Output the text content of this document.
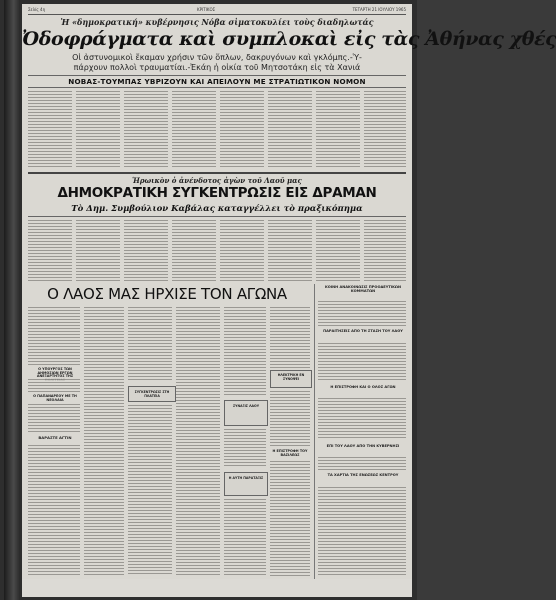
Σελίς 4η	ΚΡΙΤΙΚΟΣ	ΤΕΤΑΡΤΗ 21 ΙΟΥΛΙΟΥ 1965
Ἡ «δημοκρατική» κυβέρνησις Νόβα σἱματοκυλίει τοὺς διαδηλωτάς
Ὀδοφράγματα καὶ συμπλοκαὶ εἰς τὰς Ἀθήνας χθές
Οἱ ἀστυνομικοὶ ἔκαμαν χρήσιν τῶν ὅπλων, δακρυγόνων καὶ γκλόμπς.-Ὑ-
πάρχουν πολλοὶ τραυματίαι.-Ἐκάη ἡ οἰκία τοῦ Μητσοτάκη εἰς τὰ Χανιά
ΝΟΒΑΣ-ΤΟΥΜΠΑΣ ΥΒΡΙΖΟΥΝ ΚΑΙ ΑΠΕΙΛΟΥΝ ΜΕ ΣΤΡΑΤΙΩΤΙΚΟΝ ΝΟΜΟΝ
Ἡρωικὸν ὁ ἀνένδοτος ἀγὼν τοῦ Λαοῦ μας
ΔΗΜΟΚΡΑΤΙΚΗ ΣΥΓΚΕΝΤΡΩΣΙΣ ΕΙΣ ΔΡΑΜΑΝ
Τὸ Δημ. Συμβούλιον Καβάλας καταγγέλλει τὸ πραξικόπημα
Ο ΛΑΟΣ ΜΑΣ ΗΡΧΙΣΕ ΤΟΝ ΑΓΩΝΑ	ΚΟΙΝΗ ΑΝΑΚΟΙΝΩΣΙΣ ΠΡΟΟΔΕΥΤΙΚΩΝ ΚΟΜΜΑΤΩΝ
ΠΑΡΑΙΤΗΣΕΙΣ ΑΠΟ ΤΗ ΣΤΑΣΗ ΤΟΥ ΛΑΟΥ
Η ΕΠΙΣΤΡΟΦΗ ΚΑΙ Ο ΟΛΟΣ ΑΓΩΝ
ΕΠΙ ΤΟΥ ΛΑΟΥ ΑΠΟ ΤΗΝ ΚΥΒΕΡΝΗΣΙ
ΤΑ ΧΑΡΤΙΑ ΤΗΣ ΕΝΩΣΕΩΣ ΚΕΝΤΡΟΥ
Ο ΥΠΟΥΡΓΟΣ ΤΩΝ ΔΗΜΟΣΙΩΝ ΕΡΓΩΝ ΑΝΕΞΑΡΤΗΤΟΣ ΤΗΣ
Ο ΠΑΠΑΝΔΡΕΟΥ ΜΕ ΤΗ ΝΕΟΛΑΙΑ
ΒΑΡΑΣΤΕ ΑΓΤΙΝ
ΣΥΓΚΕΝΤΡΩΣΙΣ ΣΤΗ ΠΛΑΤΕΙΑ
ΣΥΝΑΞΙΣ ΛΑΟΥ
Η ΑΥΤΗ ΠΑΡΑΤΑΞΙΣ
ΗΛΕΚΤΡΙΚΗ ΕΝ ΣΥΝΟΨΕΙ
Η ΕΠΙΣΤΡΟΦΗ ΤΟΥ ΒΑΣΙΛΕΩΣ
